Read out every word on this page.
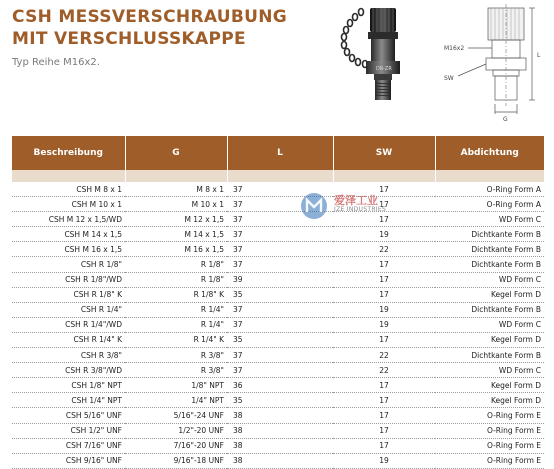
CSH MESSVERSCHRAUBUNG
MIT VERSCHLUSSKAPPE

Typ Reihe M16x2.

DR-ZR
M16x2
SW
L
G
Beschreibung	G	L	SW	Abdichtung

CSH M 8 x 1	M 8 x 1	37	17	O-Ring Form A
CSH M 10 x 1	M 10 x 1	37	17	O-Ring Form A
CSH M 12 x 1,5/WD	M 12 x 1,5	37	17	WD Form C
CSH M 14 x 1,5	M 14 x 1,5	37	19	Dichtkante Form B
CSH M 16 x 1,5	M 16 x 1,5	37	22	Dichtkante Form B
CSH R 1/8"	R 1/8"	37	17	Dichtkante Form B
CSH R 1/8"/WD	R 1/8"	39	17	WD Form C
CSH R 1/8" K	R 1/8" K	35	17	Kegel Form D
CSH R 1/4"	R 1/4"	37	19	Dichtkante Form B
CSH R 1/4"/WD	R 1/4"	37	19	WD Form C
CSH R 1/4" K	R 1/4" K	35	17	Kegel Form D
CSH R 3/8"	R 3/8"	37	22	Dichtkante Form B
CSH R 3/8"/WD	R 3/8"	37	22	WD Form C
CSH 1/8" NPT	1/8" NPT	36	17	Kegel Form D
CSH 1/4" NPT	1/4" NPT	35	17	Kegel Form D
CSH 5/16" UNF	5/16"-24 UNF	38	17	O-Ring Form E
CSH 1/2" UNF	1/2"-20 UNF	38	17	O-Ring Form E
CSH 7/16" UNF	7/16"-20 UNF	38	17	O-Ring Form E
CSH 9/16" UNF	9/16"-18 UNF	38	19	O-Ring Form E
爱泽工业
IZE INDUSTRIES
